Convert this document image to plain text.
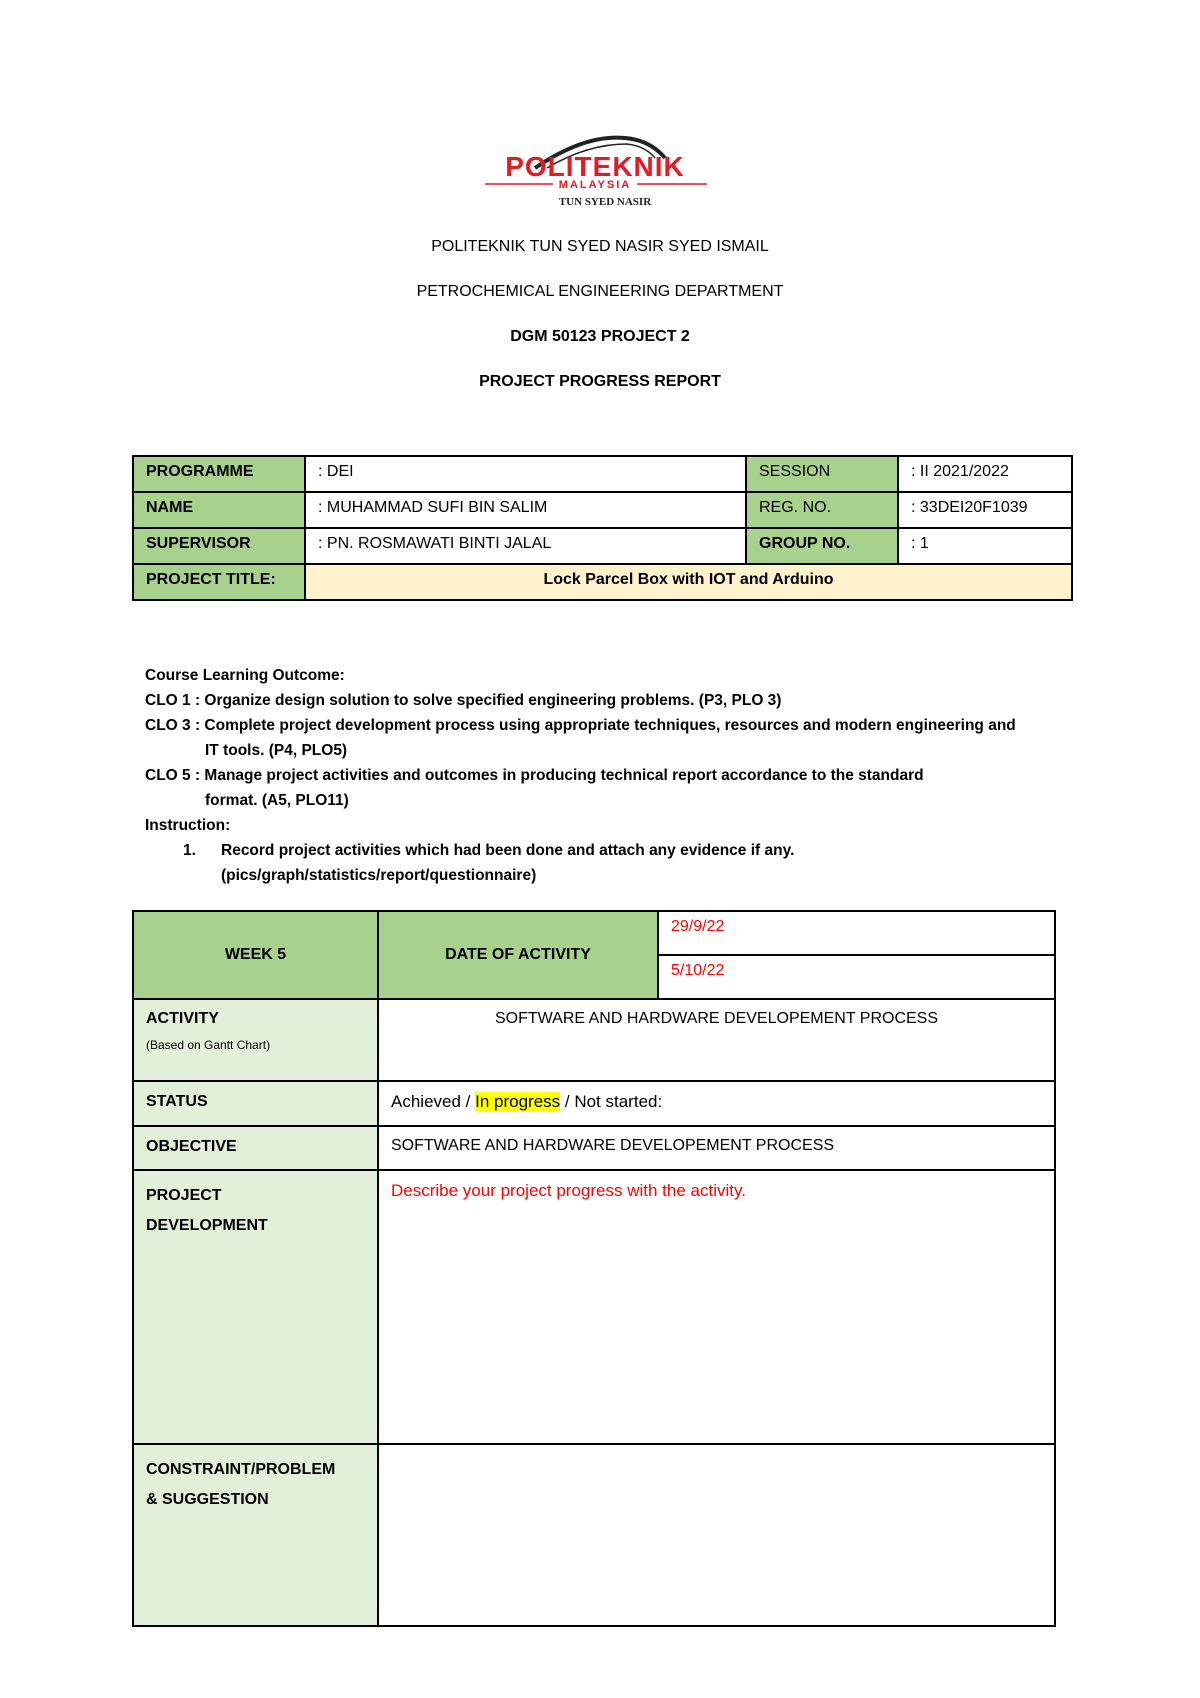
POLITEKNIK
MALAYSIA
TUN SYED NASIR
POLITEKNIK TUN SYED NASIR SYED ISMAIL
PETROCHEMICAL ENGINEERING DEPARTMENT
DGM 50123 PROJECT 2
PROJECT PROGRESS REPORT
PROGRAMME	: DEI	SESSION	: II 2021/2022
NAME	: MUHAMMAD SUFI BIN SALIM	REG. NO.	: 33DEI20F1039
SUPERVISOR	: PN. ROSMAWATI BINTI JALAL	GROUP NO.	: 1
PROJECT TITLE:	Lock Parcel Box with IOT and Arduino		
Course Learning Outcome:
CLO 1 : Organize design solution to solve specified engineering problems. (P3, PLO 3)
CLO 3 : Complete project development process using appropriate techniques, resources and modern engineering and
IT tools. (P4, PLO5)
CLO 5 : Manage project activities and outcomes in producing technical report accordance to the standard
format. (A5, PLO11)
Instruction:
1. Record project activities which had been done and attach any evidence if any.
(pics/graph/statistics/report/questionnaire)
WEEK 5	DATE OF ACTIVITY	29/9/22
		5/10/22
ACTIVITY
(Based on Gantt Chart)	SOFTWARE AND HARDWARE DEVELOPEMENT PROCESS	
STATUS	Achieved / In progress / Not started:	
OBJECTIVE	SOFTWARE AND HARDWARE DEVELOPEMENT PROCESS	

PROJECT
DEVELOPMENT	Describe your project progress with the activity.	

CONSTRAINT/PROBLEM
& SUGGESTION		
